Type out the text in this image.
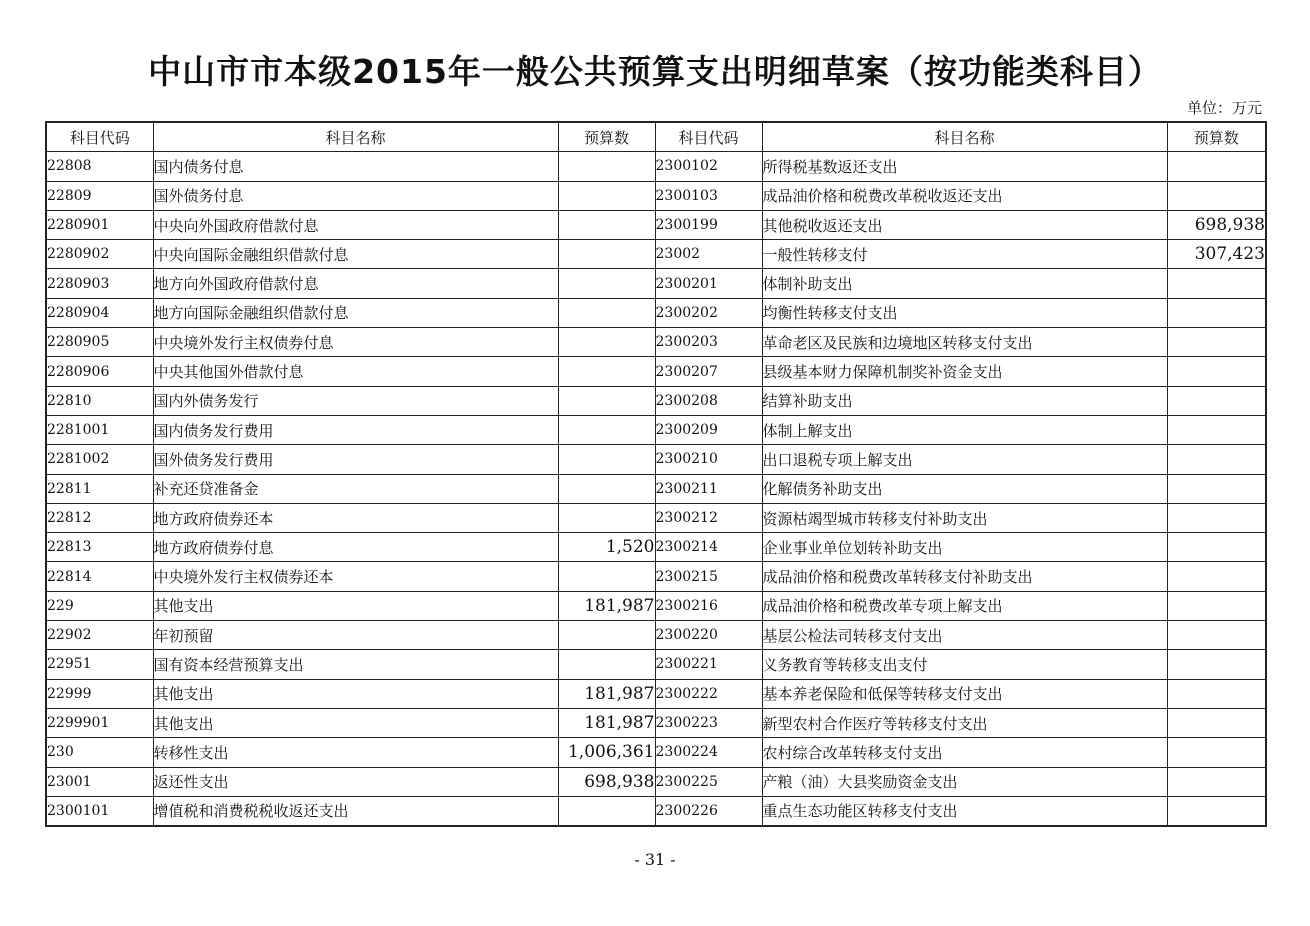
中山市市本级2015年一般公共预算支出明细草案（按功能类科目）
单位：万元
科目代码	科目名称	预算数	科目代码	科目名称	预算数
22808	国内债务付息		2300102	所得税基数返还支出	
22809	国外债务付息		2300103	成品油价格和税费改革税收返还支出	
2280901	中央向外国政府借款付息		2300199	其他税收返还支出	698,938
2280902	中央向国际金融组织借款付息		23002	一般性转移支付	307,423
2280903	地方向外国政府借款付息		2300201	体制补助支出	
2280904	地方向国际金融组织借款付息		2300202	均衡性转移支付支出	
2280905	中央境外发行主权债券付息		2300203	革命老区及民族和边境地区转移支付支出	
2280906	中央其他国外借款付息		2300207	县级基本财力保障机制奖补资金支出	
22810	国内外债务发行		2300208	结算补助支出	
2281001	国内债务发行费用		2300209	体制上解支出	
2281002	国外债务发行费用		2300210	出口退税专项上解支出	
22811	补充还贷准备金		2300211	化解债务补助支出	
22812	地方政府债券还本		2300212	资源枯竭型城市转移支付补助支出	
22813	地方政府债券付息	1,520	2300214	企业事业单位划转补助支出	
22814	中央境外发行主权债券还本		2300215	成品油价格和税费改革转移支付补助支出	
229	其他支出	181,987	2300216	成品油价格和税费改革专项上解支出	
22902	年初预留		2300220	基层公检法司转移支付支出	
22951	国有资本经营预算支出		2300221	义务教育等转移支出支付	
22999	其他支出	181,987	2300222	基本养老保险和低保等转移支付支出	
2299901	其他支出	181,987	2300223	新型农村合作医疗等转移支付支出	
230	转移性支出	1,006,361	2300224	农村综合改革转移支付支出	
23001	返还性支出	698,938	2300225	产粮（油）大县奖励资金支出	
2300101	增值税和消费税税收返还支出		2300226	重点生态功能区转移支付支出	
- 31 -
